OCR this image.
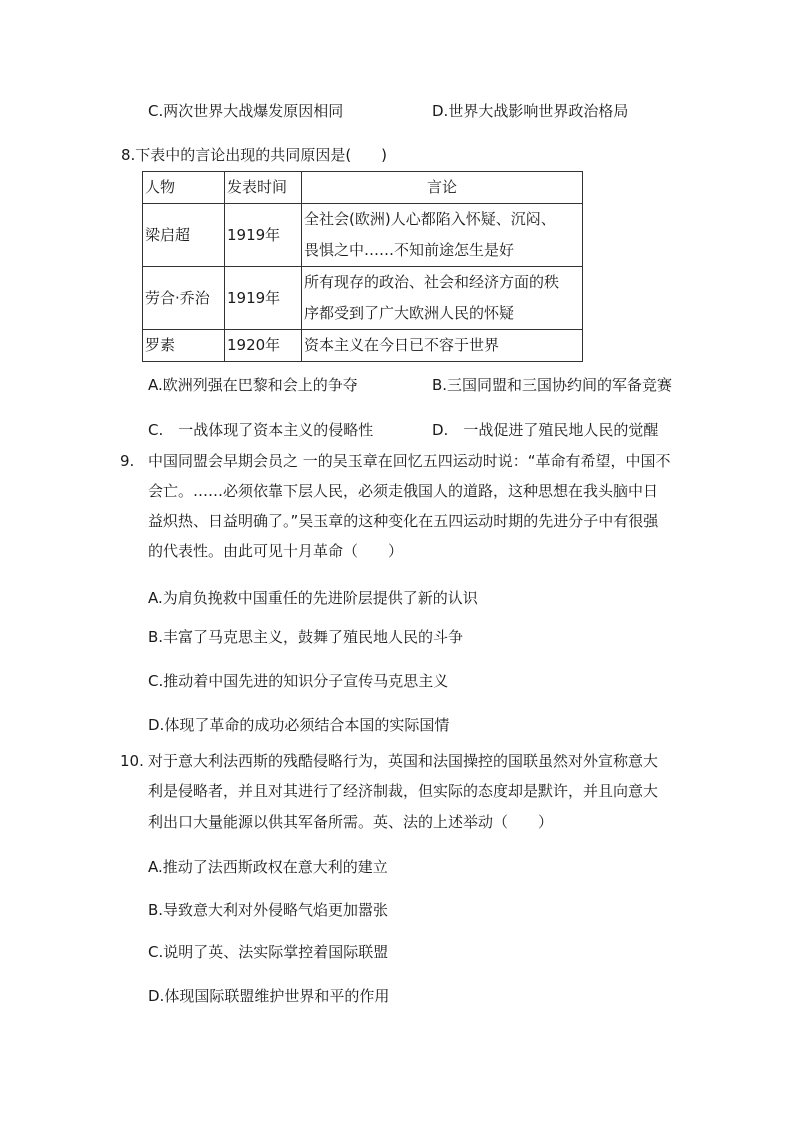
C.两次世界大战爆发原因相同	D.世界大战影响世界政治格局
8.下表中的言论出现的共同原因是(　　)
人物	发表时间	言论
梁启超	1919年	全社会(欧洲)人心都陷入怀疑、沉闷、
畏惧之中……不知前途怎生是好

劳合·乔治	1919年	所有现存的政治、社会和经济方面的秩
序都受到了广大欧洲人民的怀疑

罗素	1920年	资本主义在今日已不容于世界
A.欧洲列强在巴黎和会上的争夺	B.三国同盟和三国协约间的军备竞赛
C.　一战体现了资本主义的侵略性	D.　一战促进了殖民地人民的觉醒
9. 中国同盟会早期会员之 一的吴玉章在回忆五四运动时说：“革命有希望，中国不
会亡。……必须依靠下层人民，必须走俄国人的道路，这种思想在我头脑中日
益炽热、日益明确了。”吴玉章的这种变化在五四运动时期的先进分子中有很强
的代表性。由此可见十月革命（　　）
A.为肩负挽救中国重任的先进阶层提供了新的认识
B.丰富了马克思主义，鼓舞了殖民地人民的斗争
C.推动着中国先进的知识分子宣传马克思主义
D.体现了革命的成功必须结合本国的实际国情
10. 对于意大利法西斯的残酷侵略行为，英国和法国操控的国联虽然对外宣称意大
利是侵略者，并且对其进行了经济制裁，但实际的态度却是默许，并且向意大
利出口大量能源以供其军备所需。英、法的上述举动（　　）
A.推动了法西斯政权在意大利的建立
B.导致意大利对外侵略气焰更加嚣张
C.说明了英、法实际掌控着国际联盟
D.体现国际联盟维护世界和平的作用
